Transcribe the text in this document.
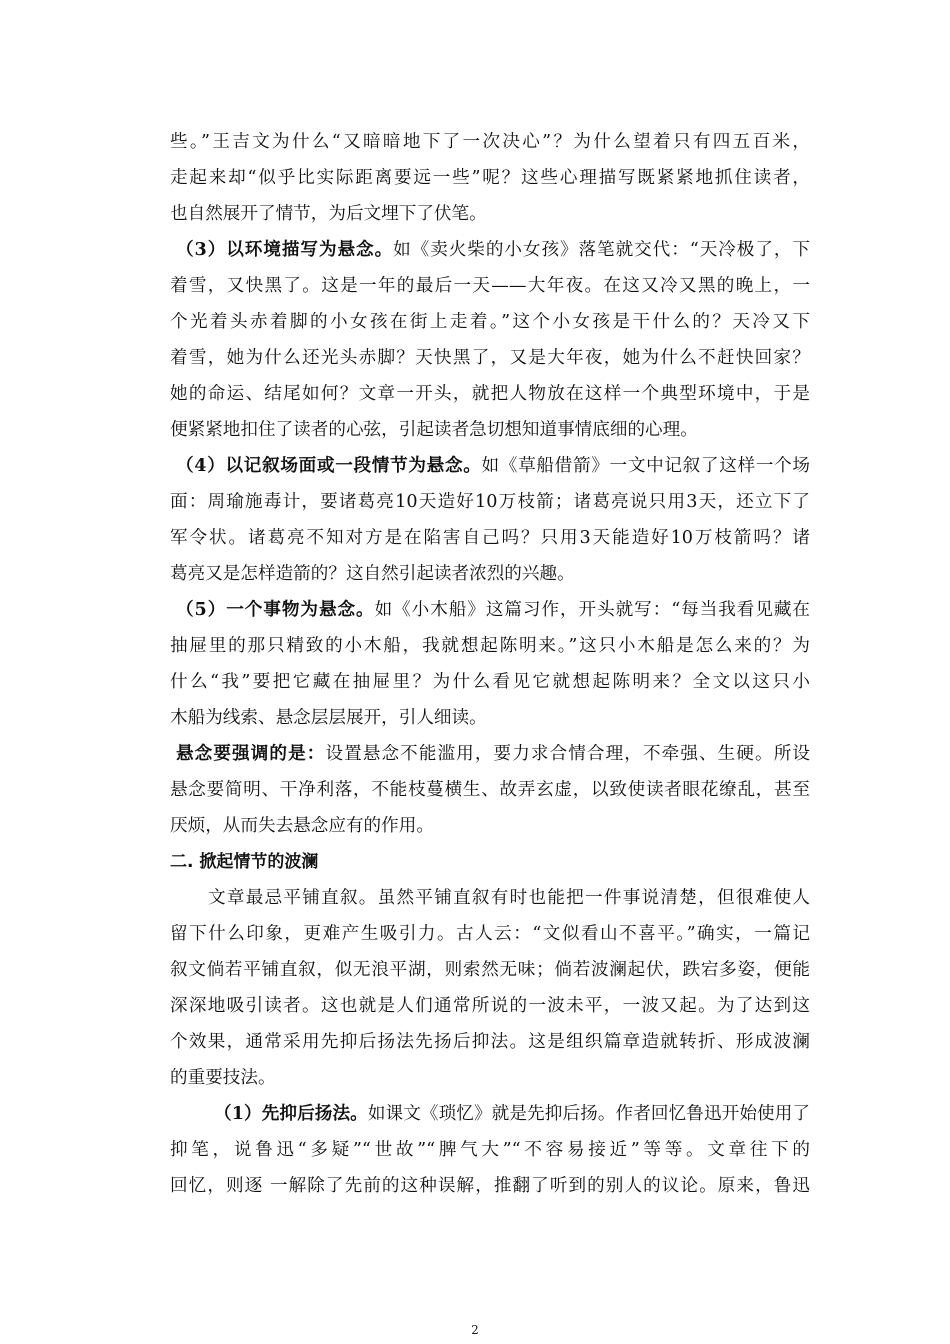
些。”王吉文为什么“又暗暗地下了一次决心”？为什么望着只有四五百米，
走起来却“似乎比实际距离要远一些”呢？这些心理描写既紧紧地抓住读者，
也自然展开了情节，为后文埋下了伏笔。
（3）以环境描写为悬念。如《卖火柴的小女孩》落笔就交代：“天冷极了，下
着雪，又快黑了。这是一年的最后一天——大年夜。在这又冷又黑的晚上，一
个光着头赤着脚的小女孩在街上走着。”这个小女孩是干什么的？天冷又下
着雪，她为什么还光头赤脚？天快黑了，又是大年夜，她为什么不赶快回家？
她的命运、结尾如何？文章一开头，就把人物放在这样一个典型环境中，于是
便紧紧地扣住了读者的心弦，引起读者急切想知道事情底细的心理。
（4）以记叙场面或一段情节为悬念。如《草船借箭》一文中记叙了这样一个场
面：周瑜施毒计，要诸葛亮10天造好10万枝箭；诸葛亮说只用3天，还立下了
军令状。诸葛亮不知对方是在陷害自己吗？只用3天能造好10万枝箭吗？诸
葛亮又是怎样造箭的？这自然引起读者浓烈的兴趣。
（5）一个事物为悬念。如《小木船》这篇习作，开头就写：“每当我看见藏在
抽屉里的那只精致的小木船，我就想起陈明来。”这只小木船是怎么来的？为
什么“我”要把它藏在抽屉里？为什么看见它就想起陈明来？全文以这只小
木船为线索、悬念层层展开，引人细读。
悬念要强调的是：设置悬念不能滥用，要力求合情合理，不牵强、生硬。所设
悬念要简明、干净利落，不能枝蔓横生、故弄玄虚，以致使读者眼花缭乱，甚至
厌烦，从而失去悬念应有的作用。
二. 掀起情节的波澜
文章最忌平铺直叙。虽然平铺直叙有时也能把一件事说清楚，但很难使人
留下什么印象，更难产生吸引力。古人云：“文似看山不喜平。”确实，一篇记
叙文倘若平铺直叙，似无浪平湖，则索然无味；倘若波澜起伏，跌宕多姿，便能
深深地吸引读者。这也就是人们通常所说的一波未平，一波又起。为了达到这
个效果，通常采用先抑后扬法先扬后抑法。这是组织篇章造就转折、形成波澜
的重要技法。
（1）先抑后扬法。如课文《琐忆》就是先抑后扬。作者回忆鲁迅开始使用了
抑笔，说鲁迅“多疑”“世故”“脾气大”“不容易接近”等等。文章往下的
回忆，则逐 一解除了先前的这种误解，推翻了听到的别人的议论。原来，鲁迅
2
